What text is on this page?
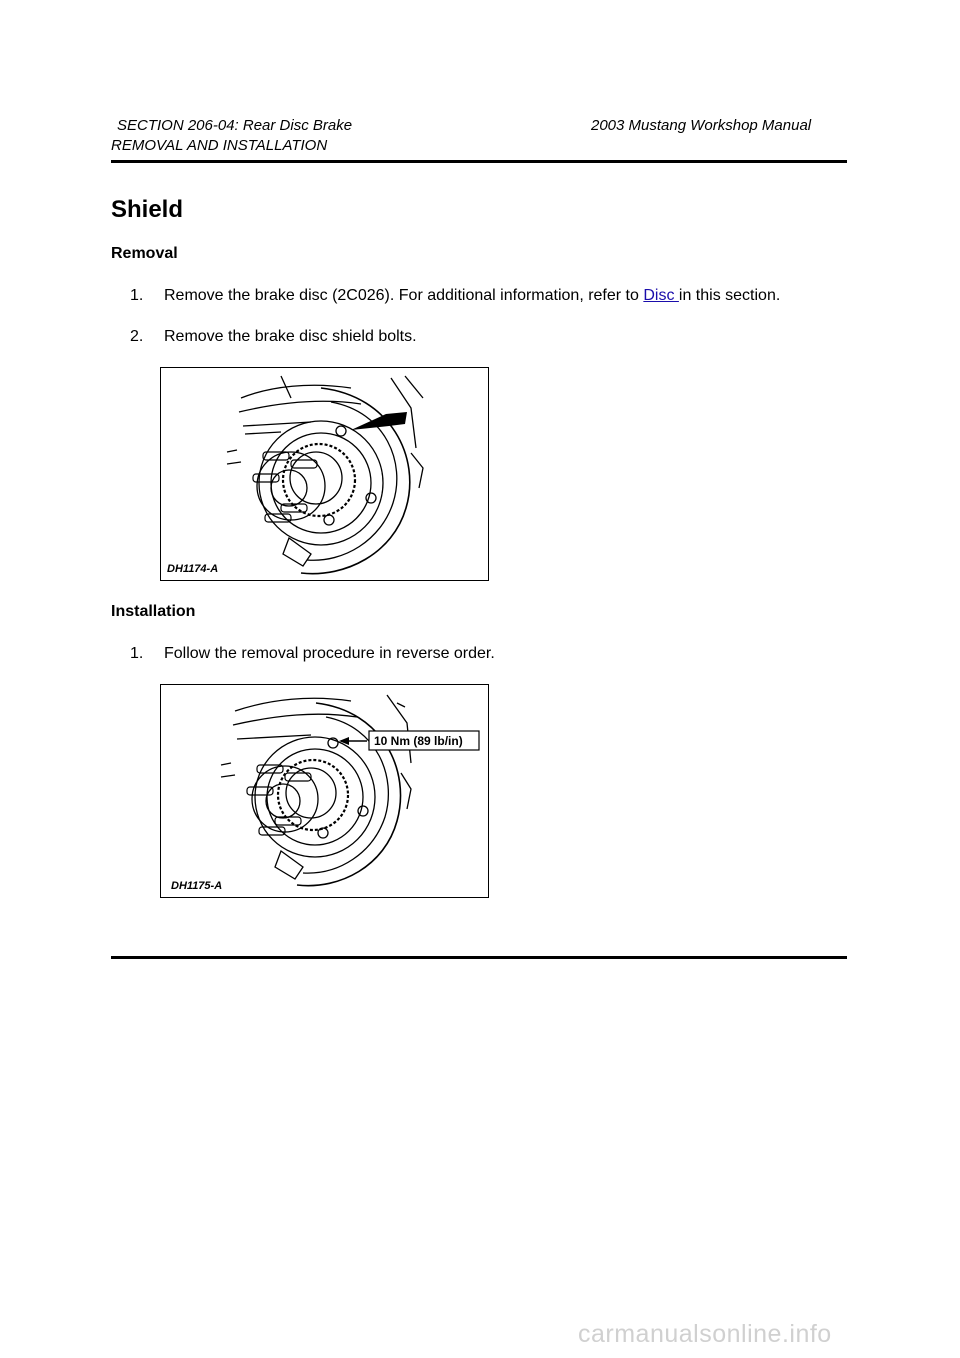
SECTION 206-04: Rear Disc Brake	2003 Mustang Workshop Manual
REMOVAL AND INSTALLATION
Shield
Removal
1. Remove the brake disc (2C026). For additional information, refer to Disc in this section.
2. Remove the brake disc shield bolts.
DH1174-A
Installation
1. Follow the removal procedure in reverse order.
10 Nm (89 lb/in)
DH1175-A
carmanualsonline.info
